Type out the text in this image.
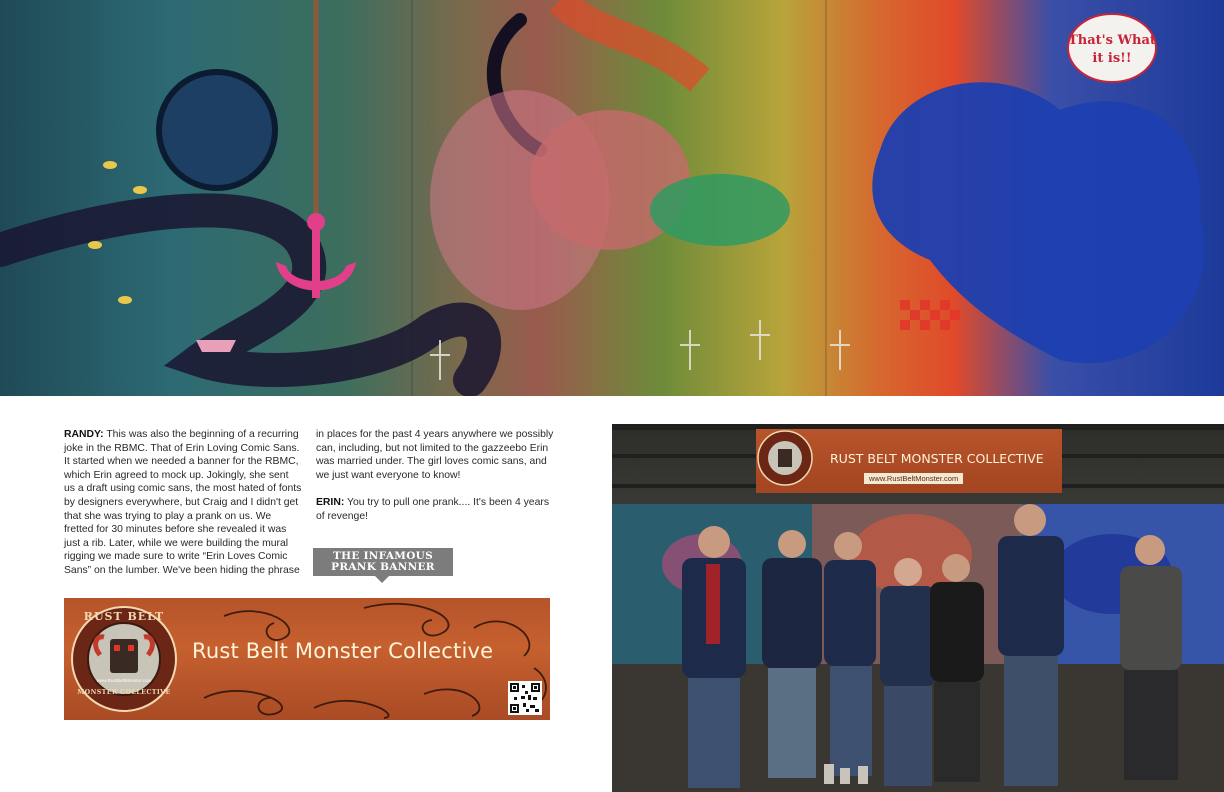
That's What
it is!!

RANDY: This was also the beginning of a recurring joke in the RBMC. That of Erin Loving Comic Sans. It started when we needed a banner for the RBMC, which Erin agreed to mock up. Jokingly, she sent us a draft using comic sans, the most hated of fonts by designers everywhere, but Craig and I didn't get that she was trying to play a prank on us. We fretted for 30 minutes before she revealed it was just a rib. Later, while we were building the mural rigging we made sure to write “Erin Loves Comic Sans” on the lumber. We've been hiding the phrase

in places for the past 4 years anywhere we possibly can, including, but not limited to the gazzeebo Erin was married under. The girl loves comic sans, and we just want everyone to know!

ERIN: You try to pull one prank.... It's been 4 years of revenge!

THE INFAMOUS
PRANK BANNER
RUST BELT
www.RustBeltMonster.com
MONSTER COLLECTIVE
Rust Belt Monster Collective
RUST BELT MONSTER COLLECTIVE
www.RustBeltMonster.com
